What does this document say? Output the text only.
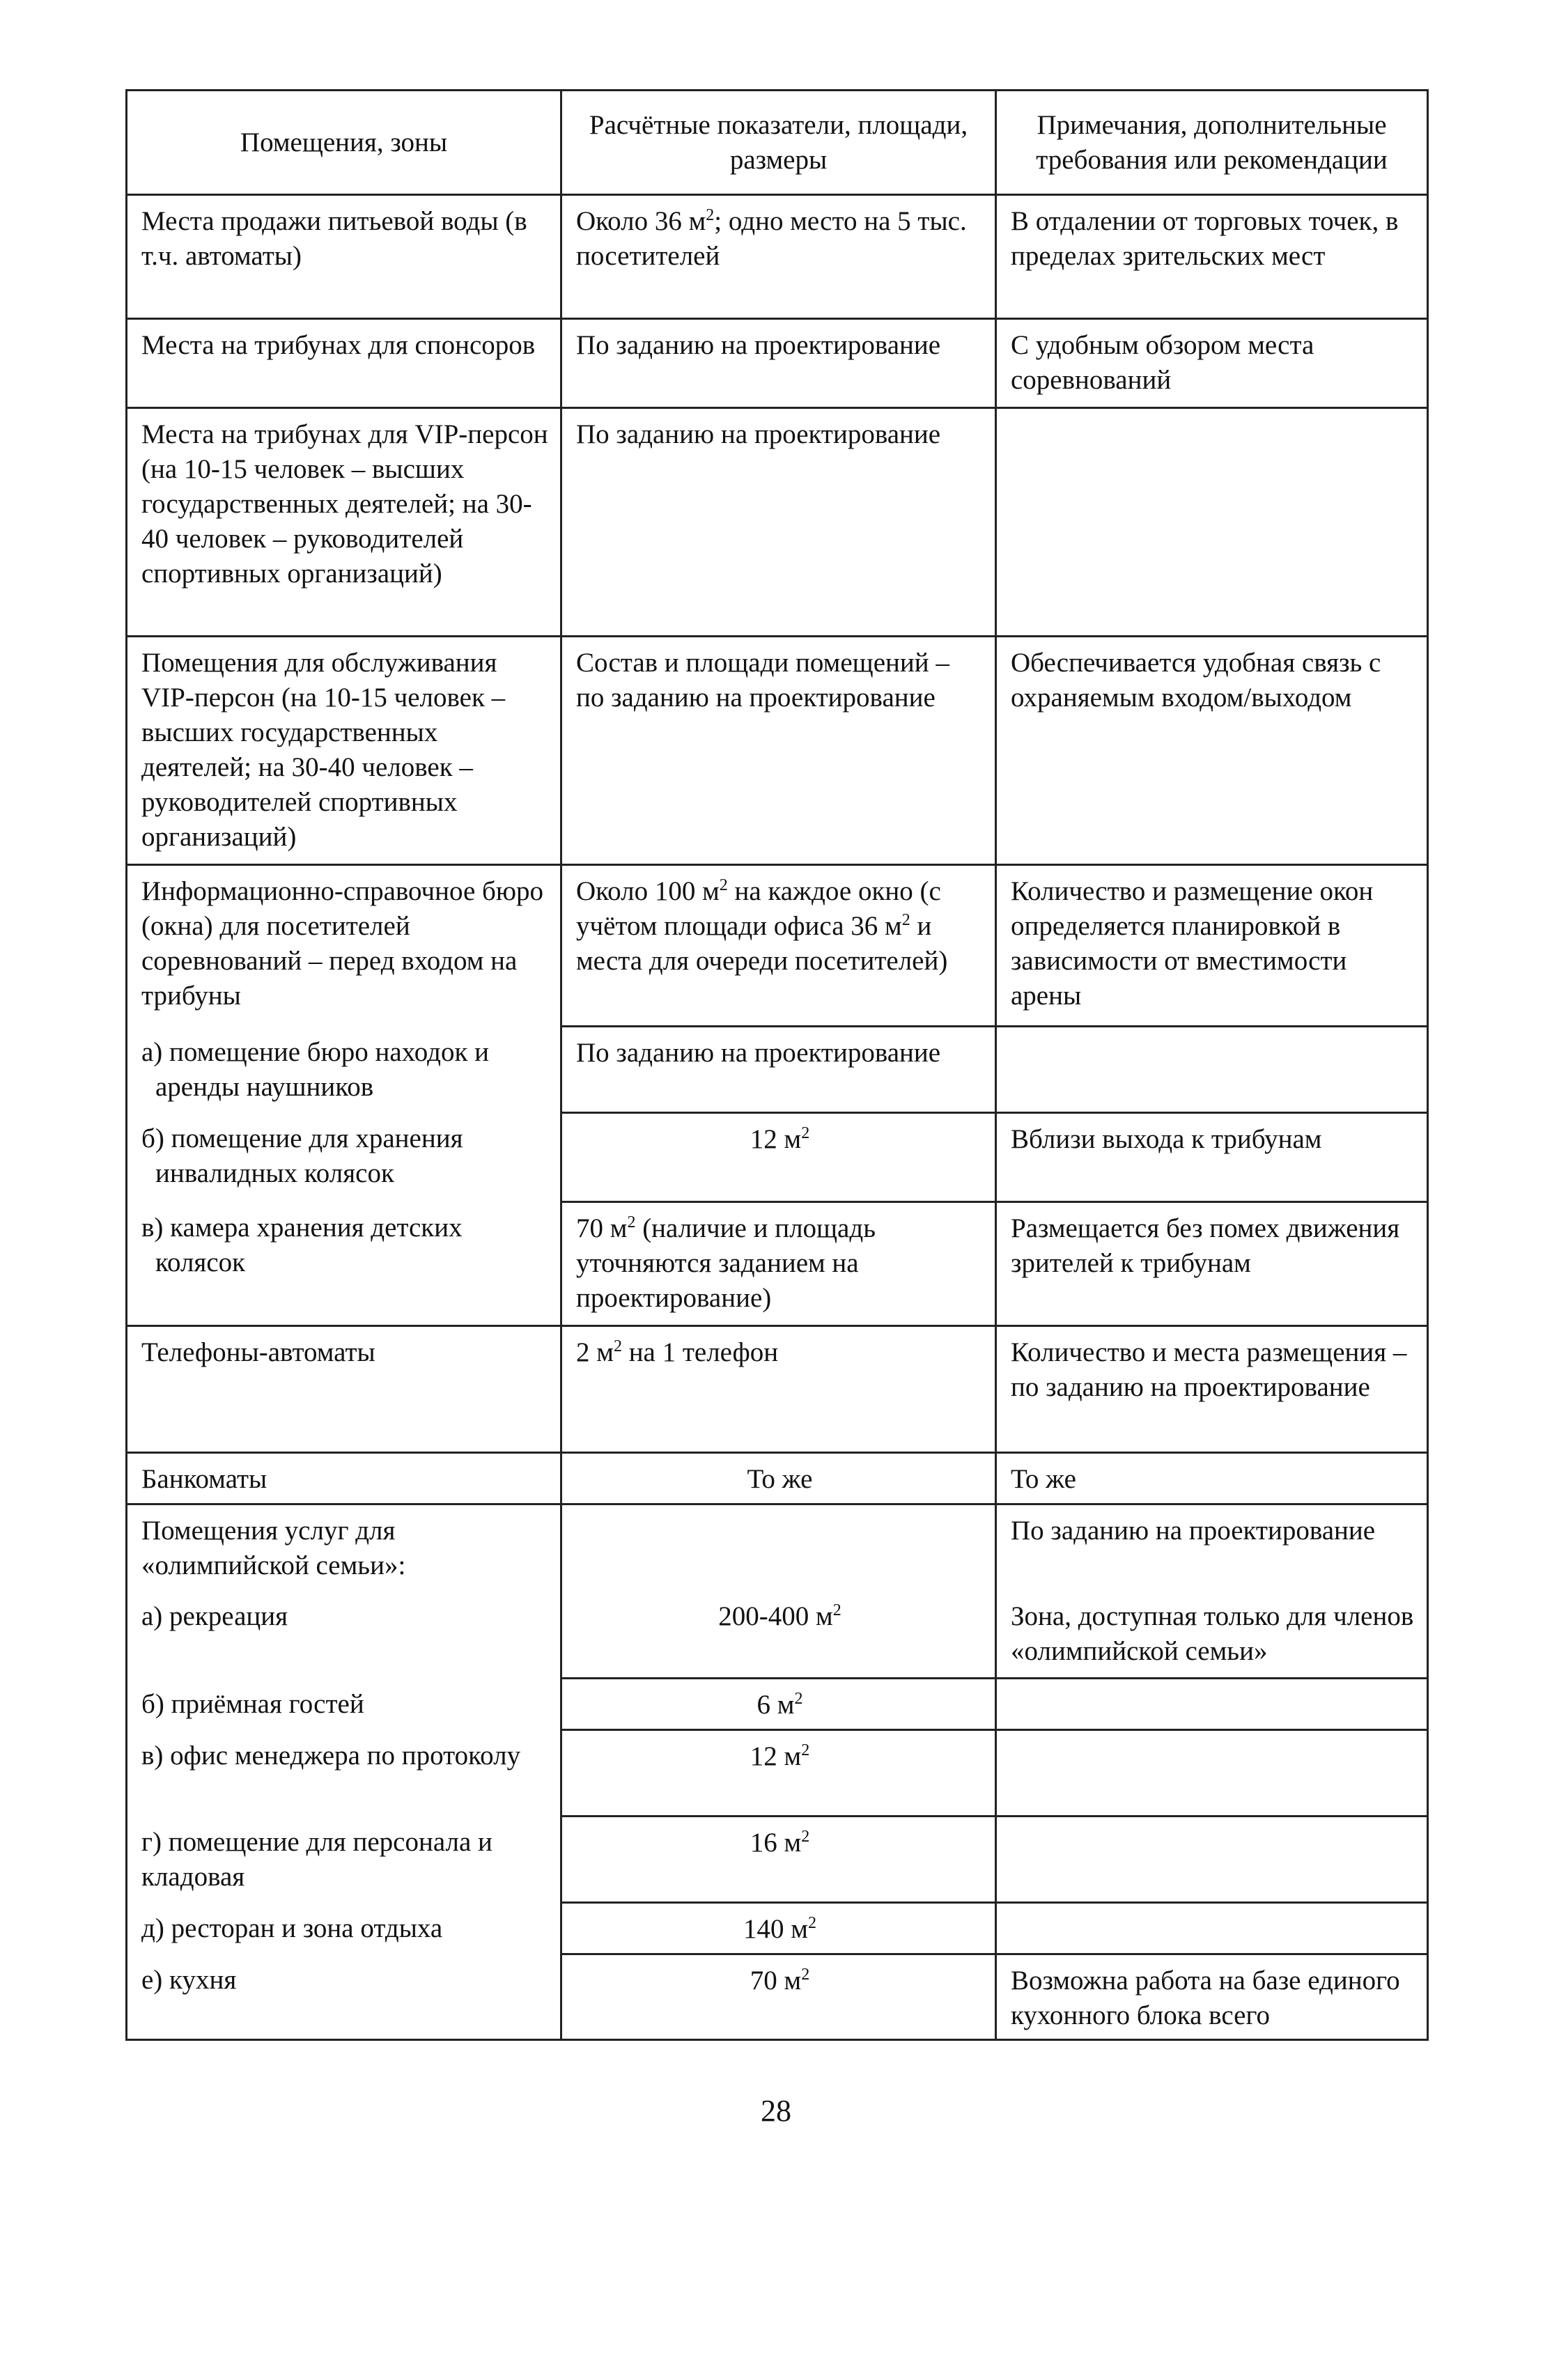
Помещения, зоны	Расчётные показатели, площади, размеры	Примечания, дополнительные требования или рекомендации
Места продажи питьевой воды (в т.ч. автоматы)	Около 36 $м^2$; одно место на 5 тыс. посетителей	В отдалении от торговых точек, в пределах зрительских мест
Места на трибунах для спонсоров	По заданию на проектирование	С удобным обзором места соревнований
Места на трибунах для VIP-персон (на 10-15 человек – высших государственных деятелей; на 30-40 человек – руководителей спортивных организаций)	По заданию на проектирование	
Помещения для обслуживания VIP-персон (на 10-15 человек – высших государственных деятелей; на 30-40 человек – руководителей спортивных организаций)	Состав и площади помещений – по заданию на проектирование	Обеспечивается удобная связь с охраняемым входом/выходом
Информационно-справочное бюро (окна) для посетителей соревнований – перед входом на трибуны	Около 100 $м^2$ на каждое окно (с учётом площади офиса 36 $м^2$ и места для очереди посетителей)	Количество и размещение окон определяется планировкой в зависимости от вместимости арены
а) помещение бюро находок и аренды наушников	По заданию на проектирование	
б) помещение для хранения инвалидных колясок	12 $м^2$	Вблизи выхода к трибунам
в) камера хранения детских колясок	70 $м^2$ (наличие и площадь уточняются заданием на проектирование)	Размещается без помех движения зрителей к трибунам
Телефоны-автоматы	2 $м^2$ на 1 телефон	Количество и места размещения – по заданию на проектирование
Банкоматы	То же	То же
Помещения услуг для «олимпийской семьи»:		По заданию на проектирование
а) рекреация	200-400 $м^2$	Зона, доступная только для членов «олимпийской семьи»
б) приёмная гостей	6 $м^2$	
в) офис менеджера по протоколу	12 $м^2$	
г) помещение для персонала и кладовая	16 $м^2$	
д) ресторан и зона отдыха	140 $м^2$	
е) кухня	70 $м^2$	Возможна работа на базе единого кухонного блока всего
28
